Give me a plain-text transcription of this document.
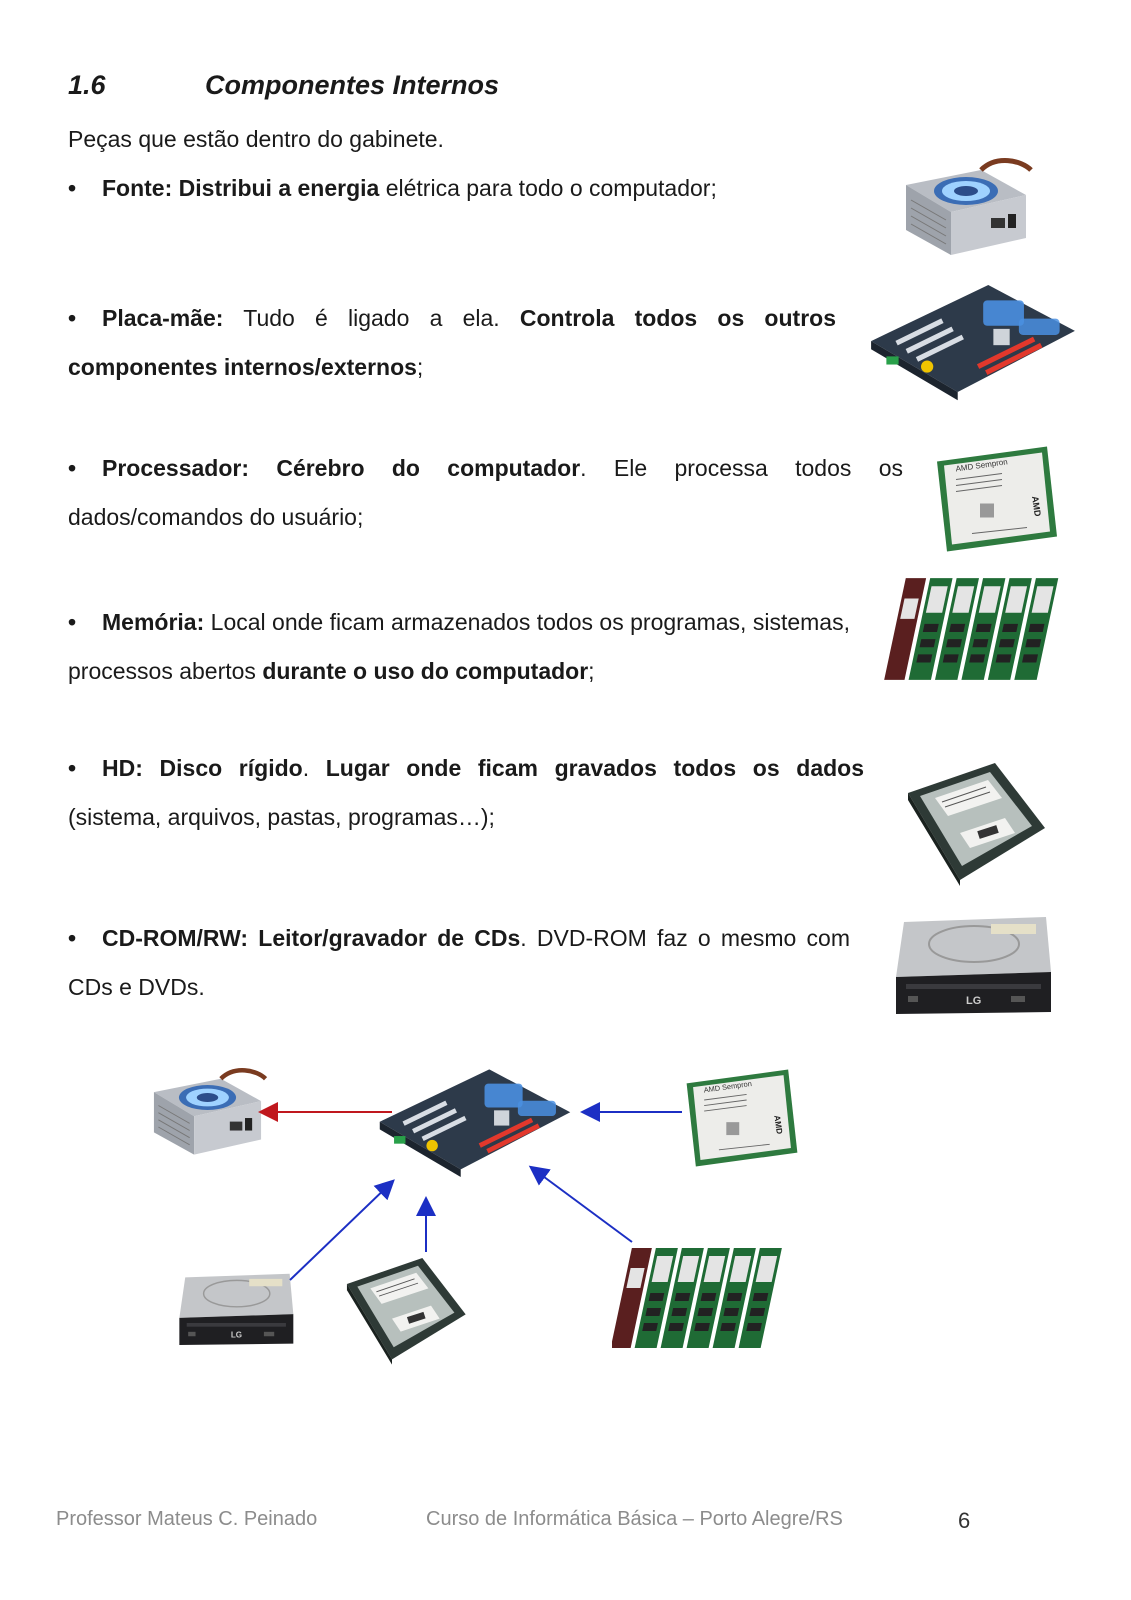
1.6	Componentes Internos
Peças que estão dentro do gabinete.
• Fonte: Distribui a energia elétrica para todo o computador;
• Placa-mãe: Tudo é ligado a ela. Controla todos os outros componentes internos/externos;
• Processador: Cérebro do computador. Ele processa todos os dados/comandos do usuário;
• Memória: Local onde ficam armazenados todos os programas, sistemas, processos abertos durante o uso do computador;
• HD: Disco rígido. Lugar onde ficam gravados todos os dados (sistema, arquivos, pastas, programas…);
• CD-ROM/RW: Leitor/gravador de CDs. DVD-ROM faz o mesmo com CDs e DVDs.
Professor Mateus C. Peinado	Curso de Informática Básica – Porto Alegre/RS	6
